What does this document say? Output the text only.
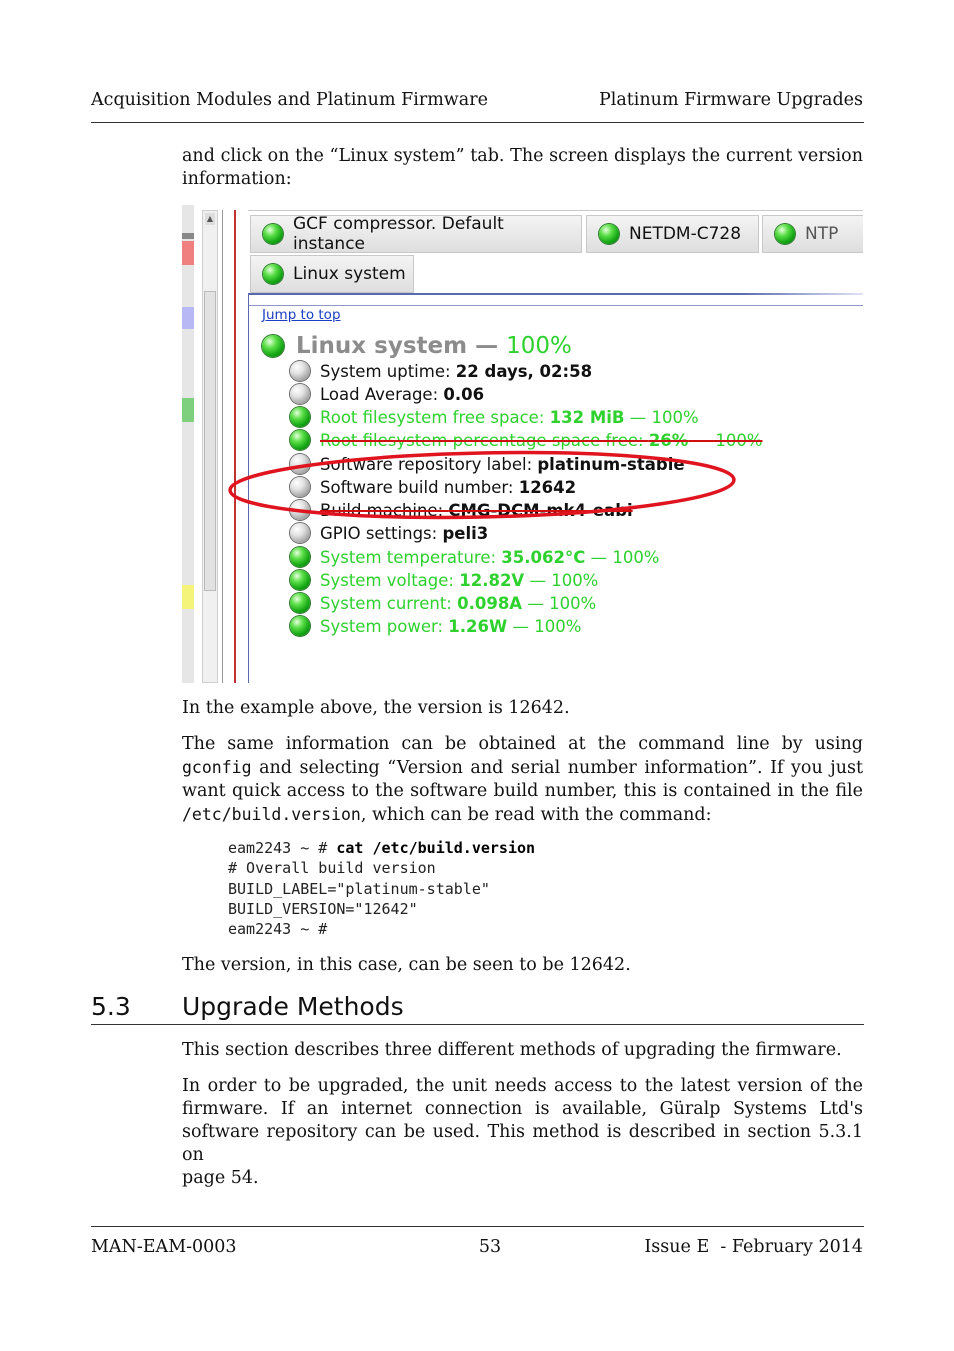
Acquisition Modules and Platinum Firmware	Platinum Firmware Upgrades
and click on the “Linux system” tab. The screen displays the current version
information:
▲	GCF compressor. Default instance	NETDM-C728	NTP
Linux system
Jump to top
Linux system — 100%
System uptime: 22 days, 02:58
Load Average: 0.06
Root filesystem free space: 132 MiB — 100%
Root filesystem percentage space free: 26% — 100%
Software repository label: platinum-stable
Software build number: 12642
Build machine: CMG-DCM-mk4-eabi
GPIO settings: peli3
System temperature: 35.062°C — 100%
System voltage: 12.82V — 100%
System current: 0.098A — 100%
System power: 1.26W — 100%
In the example above, the version is 12642.
The same information can be obtained at the command line by using
gconfig and selecting “Version and serial number information”. If you just
want quick access to the software build number, this is contained in the file
/etc/build.version, which can be read with the command:
eam2243 ~ # cat /etc/build.version
# Overall build version
BUILD_LABEL="platinum-stable"
BUILD_VERSION="12642"
eam2243 ~ #
The version, in this case, can be seen to be 12642.
5.3 Upgrade Methods
This section describes three different methods of upgrading the firmware.
In order to be upgraded, the unit needs access to the latest version of the
firmware. If an internet connection is available, Güralp Systems Ltd's
software repository can be used. This method is described in section 5.3.1 on
page 54.
MAN-EAM-0003	53	Issue E  - February 2014
